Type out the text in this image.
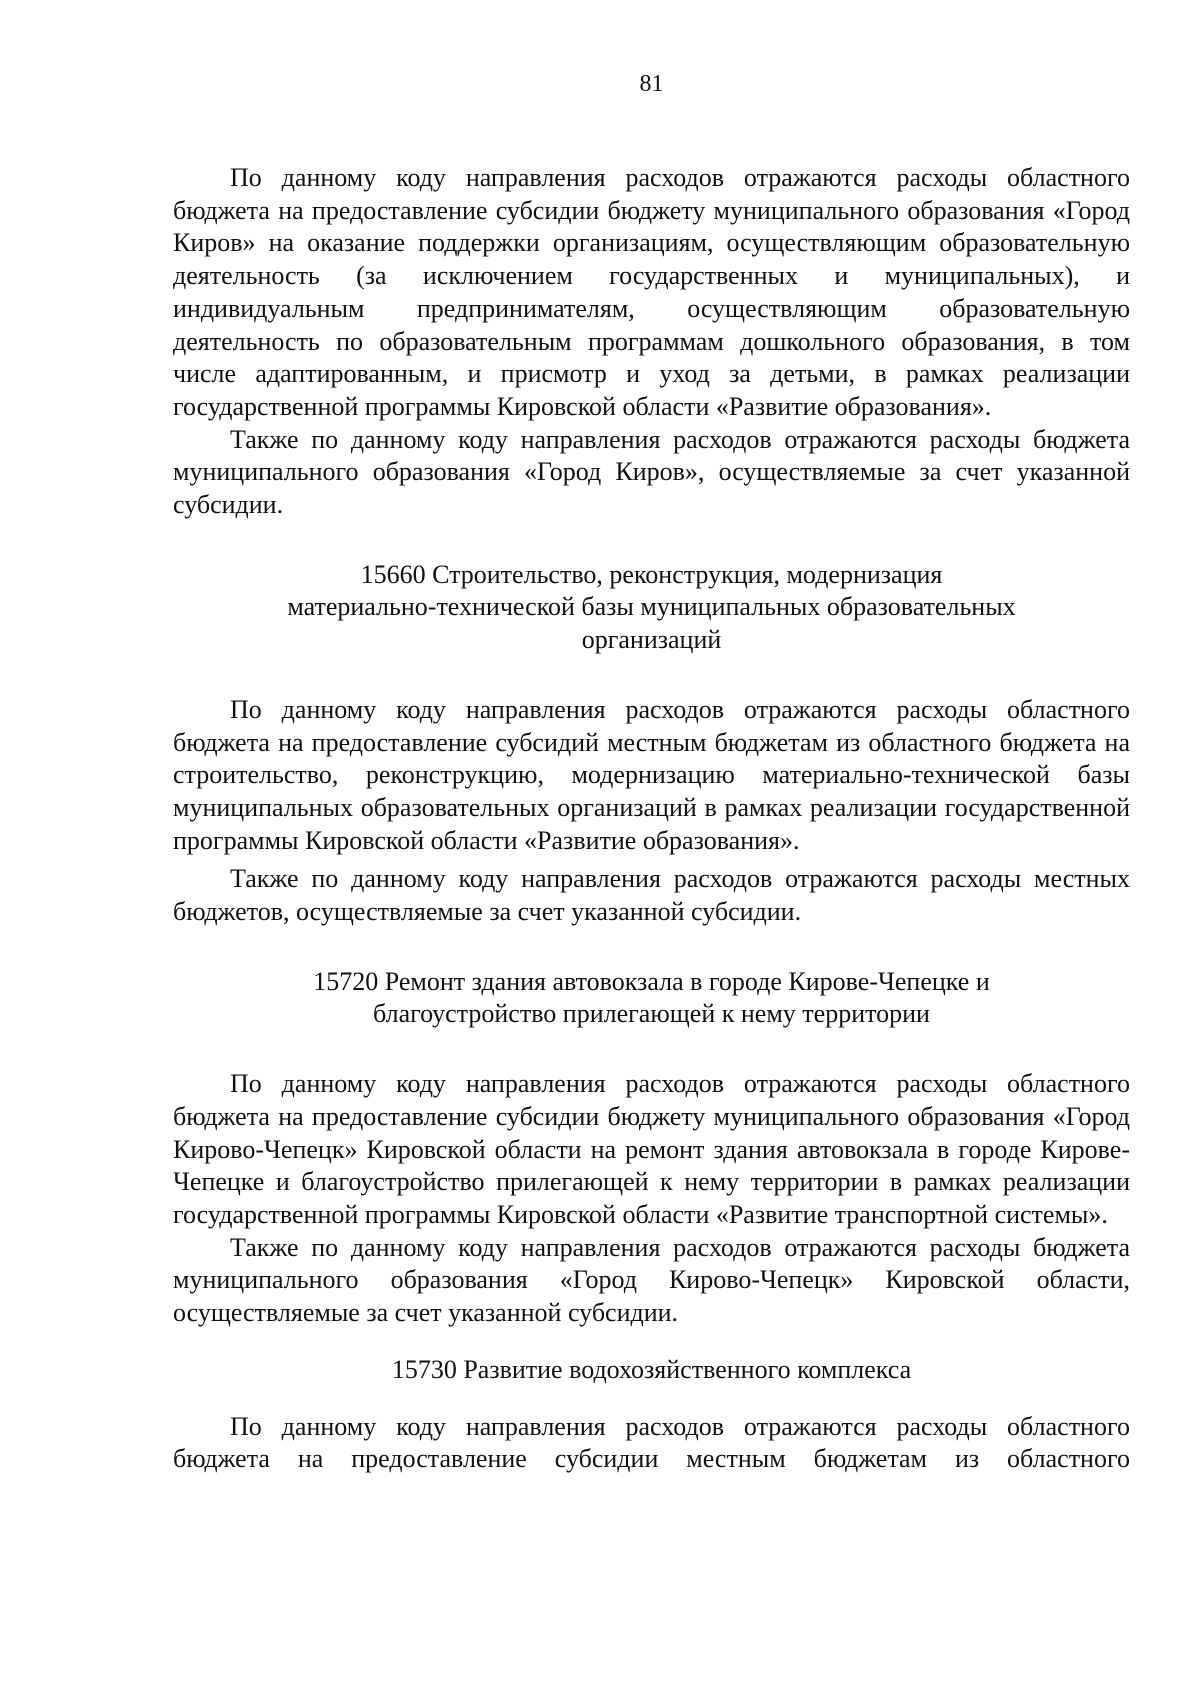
81

По данному коду направления расходов отражаются расходы областного бюджета на предоставление субсидии бюджету муниципального образования «Город Киров» на оказание поддержки организациям, осуществляющим образовательную деятельность (за исключением государственных и муниципальных), и индивидуальным предпринимателям, осуществляющим образовательную деятельность по образовательным программам дошкольного образования, в том числе адаптированным, и присмотр и уход за детьми, в рамках реализации государственной программы Кировской области «Развитие образования».

Также по данному коду направления расходов отражаются расходы бюджета муниципального образования «Город Киров», осуществляемые за счет указанной субсидии.

15660 Строительство, реконструкция, модернизация материально-технической базы муниципальных образовательных организаций

По данному коду направления расходов отражаются расходы областного бюджета на предоставление субсидий местным бюджетам из областного бюджета на строительство, реконструкцию, модернизацию материально-технической базы муниципальных образовательных организаций в рамках реализации государственной программы Кировской области «Развитие образования».

Также по данному коду направления расходов отражаются расходы местных бюджетов, осуществляемые за счет указанной субсидии.

15720 Ремонт здания автовокзала в городе Кирове-Чепецке и благоустройство прилегающей к нему территории

По данному коду направления расходов отражаются расходы областного бюджета на предоставление субсидии бюджету муниципального образования «Город Кирово-Чепецк» Кировской области на ремонт здания автовокзала в городе Кирове-Чепецке и благоустройство прилегающей к нему территории в рамках реализации государственной программы Кировской области «Развитие транспортной системы».

Также по данному коду направления расходов отражаются расходы бюджета муниципального образования «Город Кирово-Чепецк» Кировской области, осуществляемые за счет указанной субсидии.

15730 Развитие водохозяйственного комплекса

По данному коду направления расходов отражаются расходы областного бюджета на предоставление субсидии местным бюджетам из областного
